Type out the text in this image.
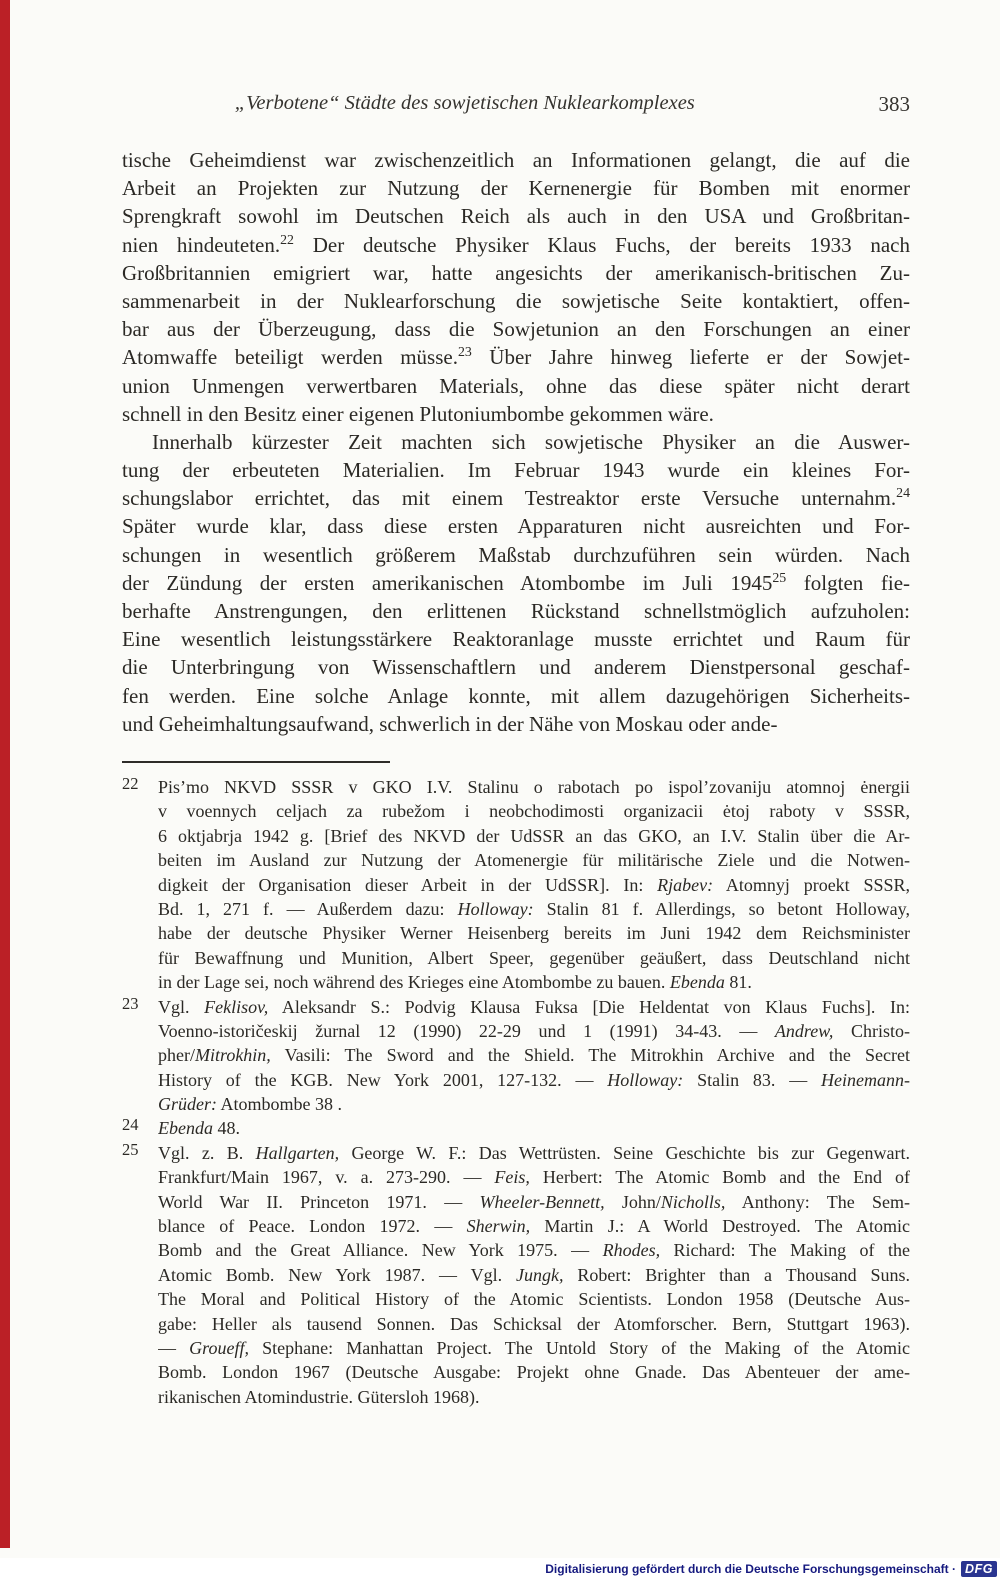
„Verbotene“ Städte des sowjetischen Nuklearkomplexes	383
tische Geheimdienst war zwischenzeitlich an Informationen gelangt, die auf die
Arbeit an Projekten zur Nutzung der Kernenergie für Bomben mit enormer
Sprengkraft sowohl im Deutschen Reich als auch in den USA und Großbritan-
nien hindeuteten.$^{22}$ Der deutsche Physiker Klaus Fuchs, der bereits 1933 nach
Großbritannien emigriert war, hatte angesichts der amerikanisch-britischen Zu-
sammenarbeit in der Nuklearforschung die sowjetische Seite kontaktiert, offen-
bar aus der Überzeugung, dass die Sowjetunion an den Forschungen an einer
Atomwaffe beteiligt werden müsse.$^{23}$ Über Jahre hinweg lieferte er der Sowjet-
union Unmengen verwertbaren Materials, ohne das diese später nicht derart
schnell in den Besitz einer eigenen Plutoniumbombe gekommen wäre.
Innerhalb kürzester Zeit machten sich sowjetische Physiker an die Auswer-
tung der erbeuteten Materialien. Im Februar 1943 wurde ein kleines For-
schungslabor errichtet, das mit einem Testreaktor erste Versuche unternahm.$^{24}$
Später wurde klar, dass diese ersten Apparaturen nicht ausreichten und For-
schungen in wesentlich größerem Maßstab durchzuführen sein würden. Nach
der Zündung der ersten amerikanischen Atombombe im Juli 1945$^{25}$ folgten fie-
berhafte Anstrengungen, den erlittenen Rückstand schnellstmöglich aufzuholen:
Eine wesentlich leistungsstärkere Reaktoranlage musste errichtet und Raum für
die Unterbringung von Wissenschaftlern und anderem Dienstpersonal geschaf-
fen werden. Eine solche Anlage konnte, mit allem dazugehörigen Sicherheits-
und Geheimhaltungsaufwand, schwerlich in der Nähe von Moskau oder ande-
22 Pis’mo NKVD SSSR v GKO I.V. Stalinu o rabotach po ispol’zovaniju atomnoj ėnergii
v voennych celjach za rubežom i neobchodimosti organizacii ėtoj raboty v SSSR,
6 oktjabrja 1942 g. [Brief des NKVD der UdSSR an das GKO, an I.V. Stalin über die Ar-
beiten im Ausland zur Nutzung der Atomenergie für militärische Ziele und die Notwen-
digkeit der Organisation dieser Arbeit in der UdSSR]. In: Rjabev: Atomnyj proekt SSSR,
Bd. 1, 271 f. — Außerdem dazu: Holloway: Stalin 81 f. Allerdings, so betont Holloway,
habe der deutsche Physiker Werner Heisenberg bereits im Juni 1942 dem Reichsminister
für Bewaffnung und Munition, Albert Speer, gegenüber geäußert, dass Deutschland nicht
in der Lage sei, noch während des Krieges eine Atombombe zu bauen. Ebenda 81.
23 Vgl. Feklisov, Aleksandr S.: Podvig Klausa Fuksa [Die Heldentat von Klaus Fuchs]. In:
Voenno-istoričeskij žurnal 12 (1990) 22-29 und 1 (1991) 34-43. — Andrew, Christo-
pher/Mitrokhin, Vasili: The Sword and the Shield. The Mitrokhin Archive and the Secret
History of the KGB. New York 2001, 127-132. — Holloway: Stalin 83. — Heinemann-
Grüder: Atombombe 38 .
24 Ebenda 48.
25 Vgl. z. B. Hallgarten, George W. F.: Das Wettrüsten. Seine Geschichte bis zur Gegenwart.
Frankfurt/Main 1967, v. a. 273-290. — Feis, Herbert: The Atomic Bomb and the End of
World War II. Princeton 1971. — Wheeler-Bennett, John/Nicholls, Anthony: The Sem-
blance of Peace. London 1972. — Sherwin, Martin J.: A World Destroyed. The Atomic
Bomb and the Great Alliance. New York 1975. — Rhodes, Richard: The Making of the
Atomic Bomb. New York 1987. — Vgl. Jungk, Robert: Brighter than a Thousand Suns.
The Moral and Political History of the Atomic Scientists. London 1958 (Deutsche Aus-
gabe: Heller als tausend Sonnen. Das Schicksal der Atomforscher. Bern, Stuttgart 1963).
— Groueff, Stephane: Manhattan Project. The Untold Story of the Making of the Atomic
Bomb. London 1967 (Deutsche Ausgabe: Projekt ohne Gnade. Das Abenteuer der ame-
rikanischen Atomindustrie. Gütersloh 1968).
Digitalisierung gefördert durch die Deutsche Forschungsgemeinschaft · DFG
